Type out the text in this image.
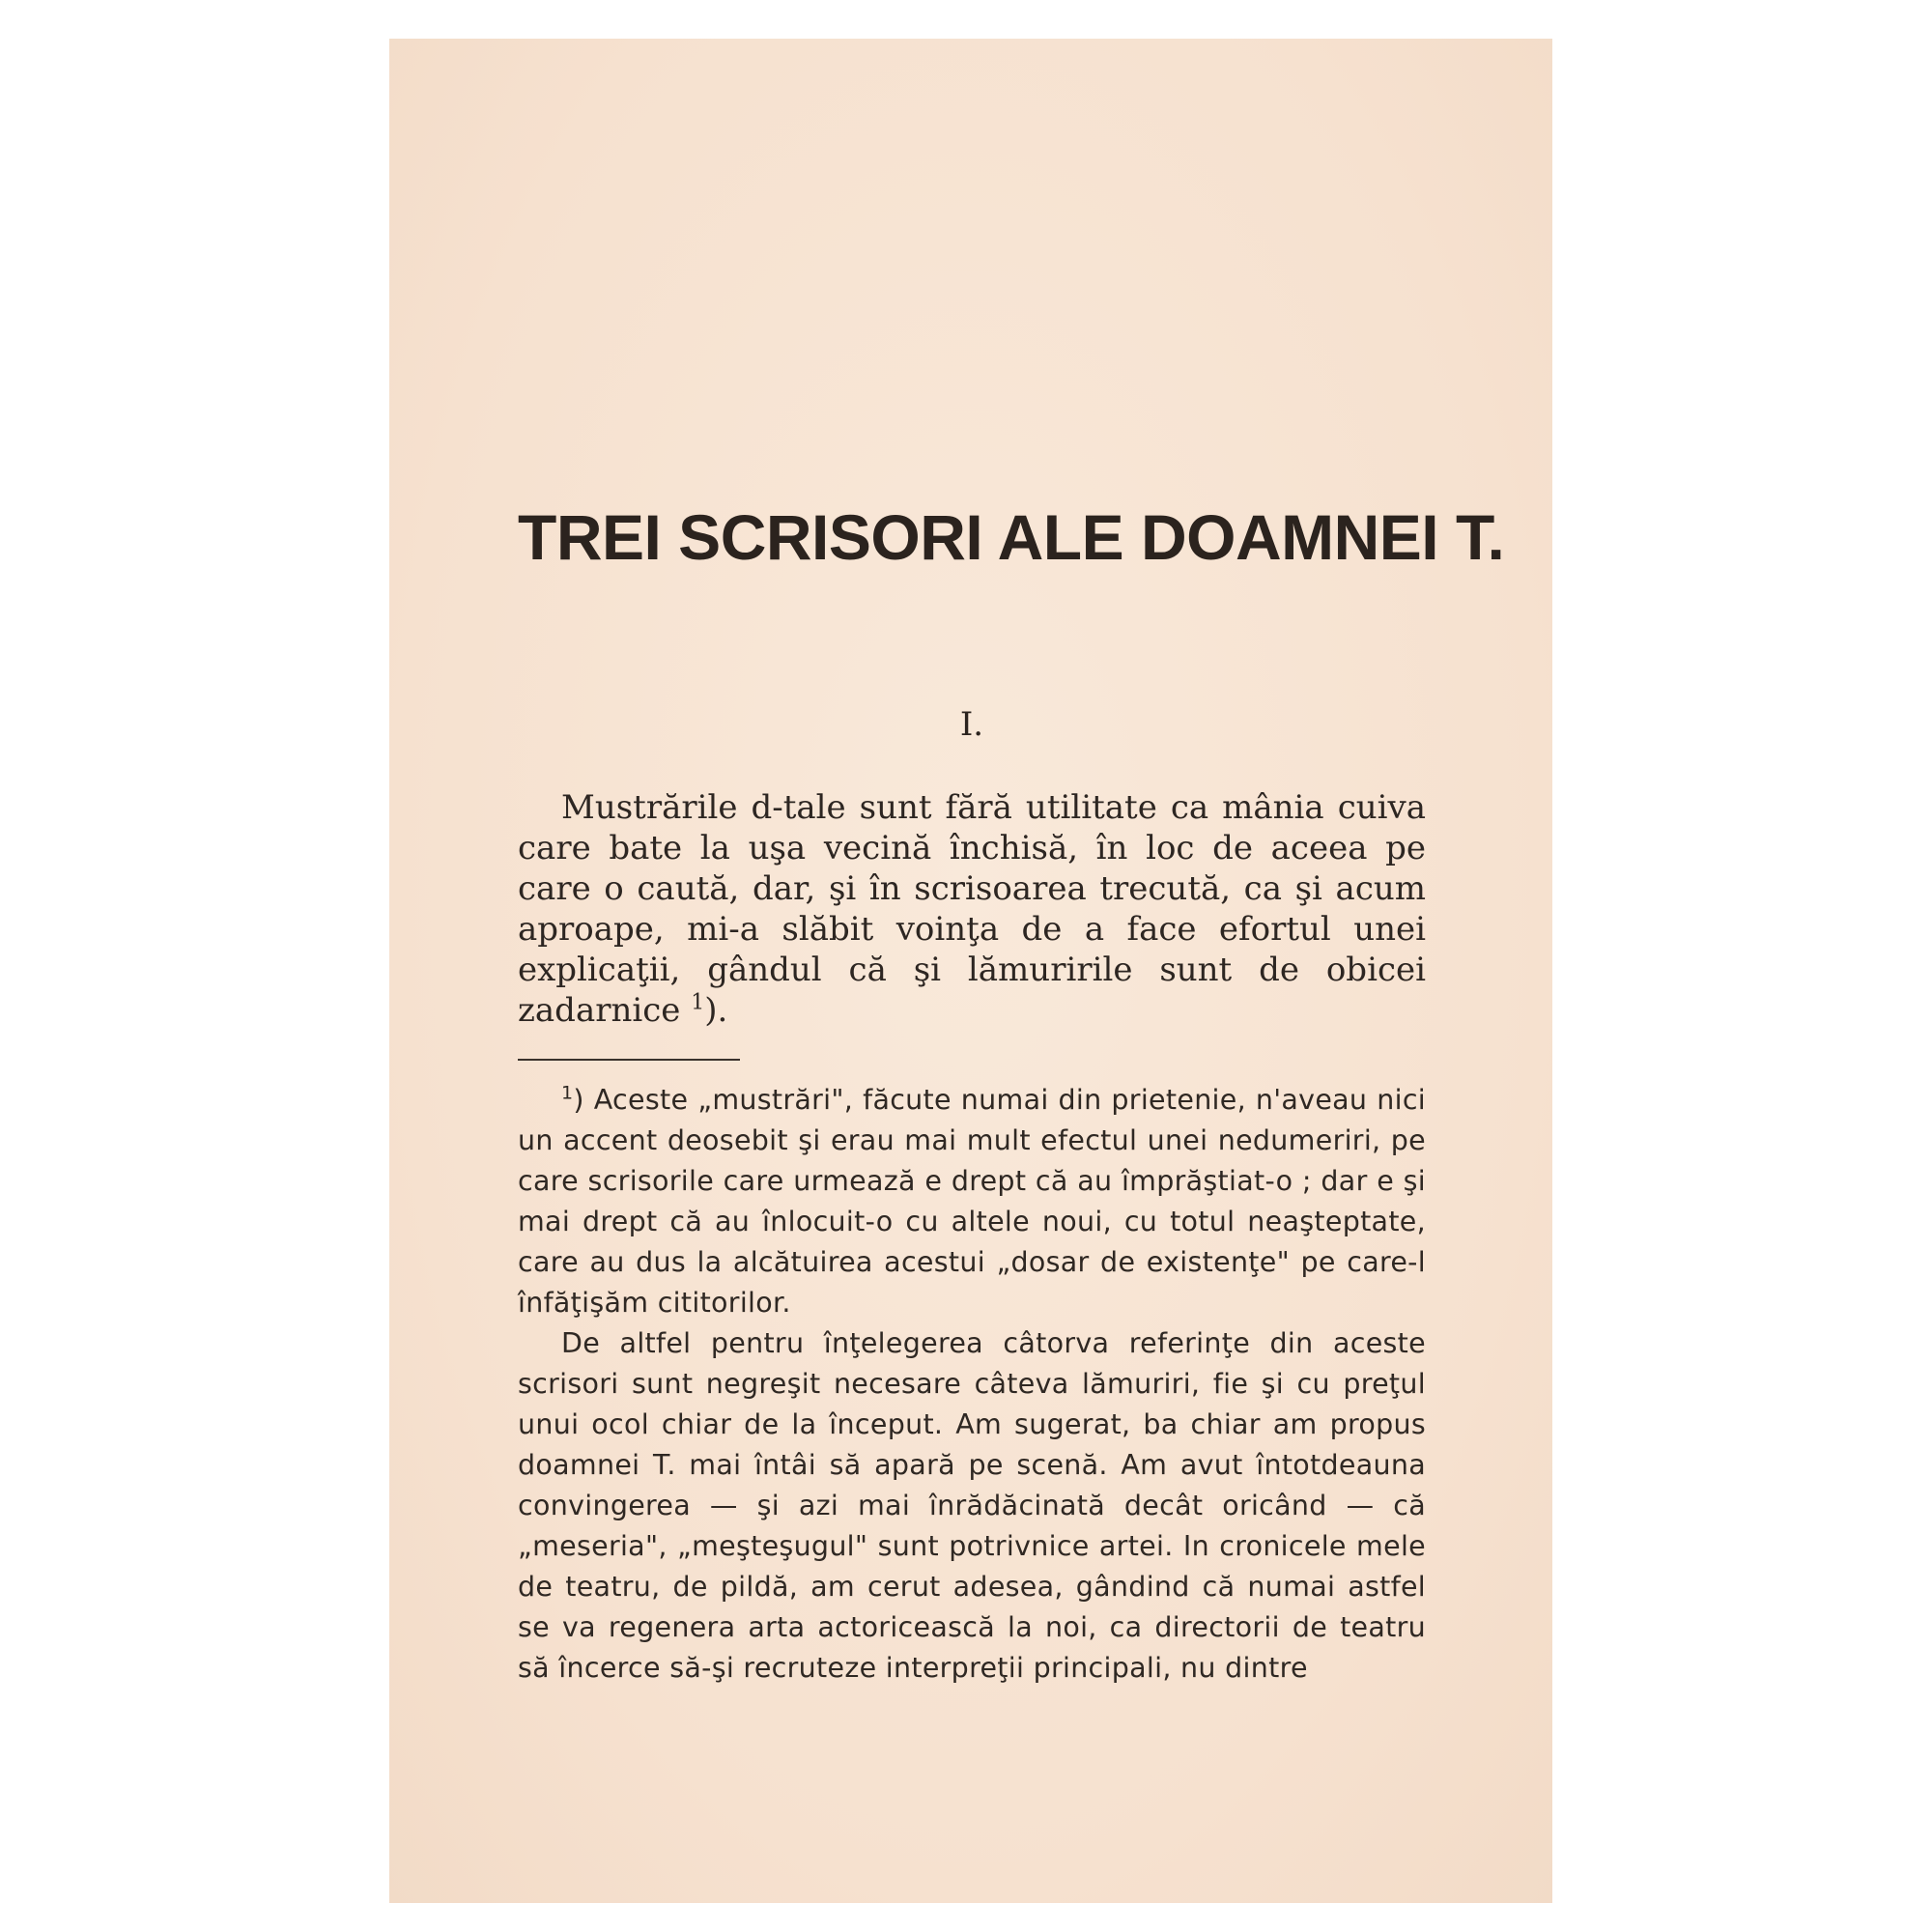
TREI SCRISORI ALE DOAMNEI T.
I.

Mustrările d-tale sunt fără utilitate ca mânia cuiva care bate la uşa vecină închisă, în loc de aceea pe care o caută, dar, şi în scrisoarea trecută, ca şi acum aproape, mi-a slăbit voinţa de a face efortul unei explicaţii, gândul că şi lămuririle sunt de obicei zadarnice $^1$).

$^1$) Aceste „mustrări", făcute numai din prietenie, n'aveau nici un accent deosebit şi erau mai mult efectul unei nedumeriri, pe care scrisorile care urmează e drept că au împrăştiat-o ; dar e şi mai drept că au înlocuit-o cu altele noui, cu totul neaşteptate, care au dus la alcătuirea acestui „dosar de existenţe" pe care-l înfăţişăm cititorilor.

De altfel pentru înţelegerea câtorva referinţe din aceste scrisori sunt negreşit necesare câteva lămuriri, fie şi cu preţul unui ocol chiar de la început. Am sugerat, ba chiar am propus doamnei T. mai întâi să apară pe scenă. Am avut întotdeauna convingerea — şi azi mai înrădăcinată decât oricând — că „meseria", „meşteşugul" sunt potrivnice artei. In cronicele mele de teatru, de pildă, am cerut adesea, gândind că numai astfel se va regenera arta actoricească la noi, ca directorii de teatru să încerce să-şi recruteze interpreţii principali, nu dintre
